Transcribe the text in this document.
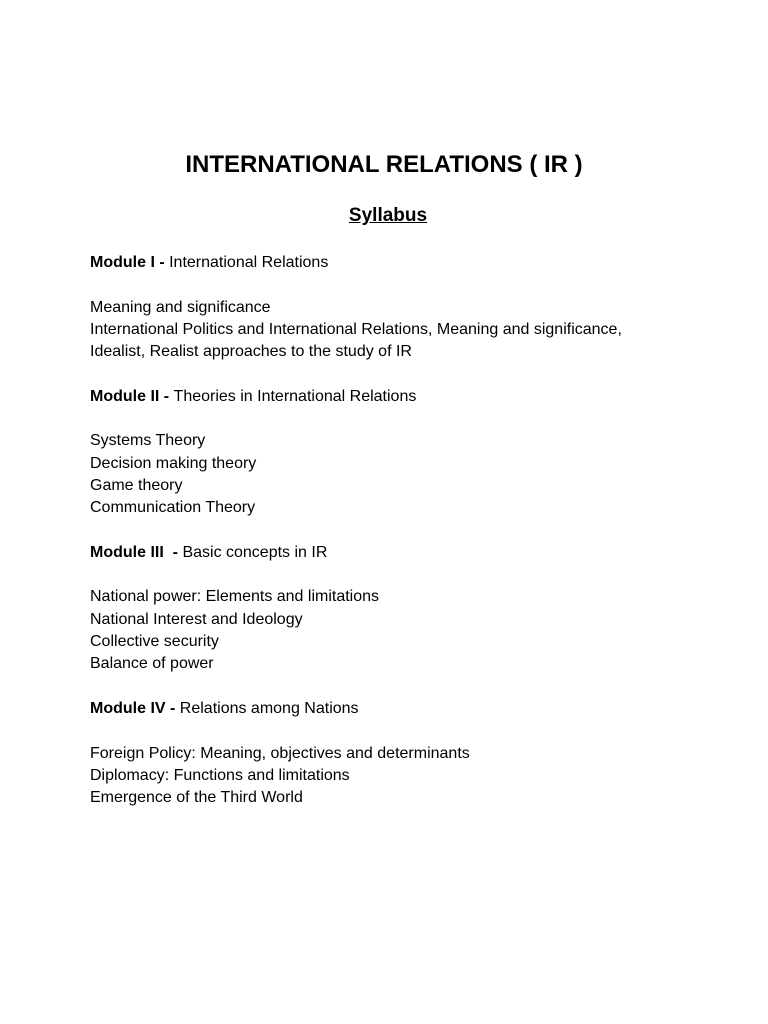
INTERNATIONAL RELATIONS ( IR )
Syllabus

Module I - International Relations

Meaning and significance
International Politics and International Relations, Meaning and significance,
Idealist, Realist approaches to the study of IR

Module II - Theories in International Relations

Systems Theory
Decision making theory
Game theory
Communication Theory

Module III  - Basic concepts in IR

National power: Elements and limitations
National Interest and Ideology
Collective security
Balance of power

Module IV - Relations among Nations

Foreign Policy: Meaning, objectives and determinants
Diplomacy: Functions and limitations
Emergence of the Third World
